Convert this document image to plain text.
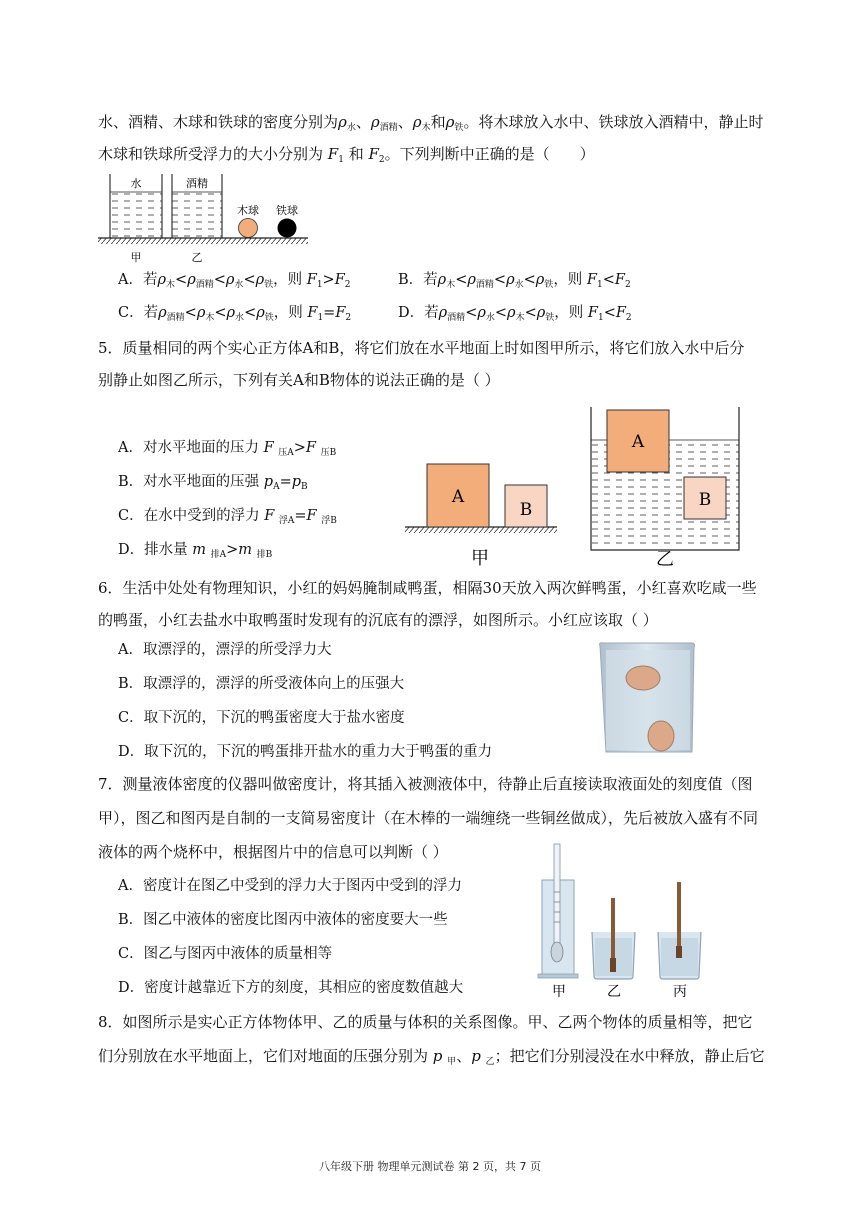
水、酒精、木球和铁球的密度分别为$\rho_水$、$\rho_{酒精}$、$\rho_木$和$\rho_铁$。将木球放入水中、铁球放入酒精中，静止时
木球和铁球所受浮力的大小分别为 $F_1$ 和 $F_2$。下列判断中正确的是（　　）
水	酒精
木球 铁球
甲	乙
A．若$\rho_木<\rho_{酒精}<\rho_水<\rho_铁$，则 $F_1>F_2$	B．若$\rho_木<\rho_{酒精}<\rho_水<\rho_铁$，则 $F_1<F_2$
C．若$\rho_{酒精}<\rho_木<\rho_水<\rho_铁$，则 $F_1=F_2$	D．若$\rho_{酒精}<\rho_水<\rho_木<\rho_铁$，则 $F_1<F_2$
5．质量相同的两个实心正方体A和B，将它们放在水平地面上时如图甲所示，将它们放入水中后分
别静止如图乙所示，下列有关A和B物体的说法正确的是（ ）
A．对水平地面的压力 F $_{压A}$>F $_{压B}$
B．对水平地面的压强 $p_A=p_B$
C．在水中受到的浮力 F $_{浮A}$=F $_{浮B}$
D．排水量 m $_{排A}$>m $_{排B}$
A
B
甲
A
B
乙
6．生活中处处有物理知识，小红的妈妈腌制咸鸭蛋，相隔30天放入两次鲜鸭蛋，小红喜欢吃咸一些
的鸭蛋，小红去盐水中取鸭蛋时发现有的沉底有的漂浮，如图所示。小红应该取（ ）
A．取漂浮的，漂浮的所受浮力大
B．取漂浮的，漂浮的所受液体向上的压强大
C．取下沉的，下沉的鸭蛋密度大于盐水密度
D．取下沉的，下沉的鸭蛋排开盐水的重力大于鸭蛋的重力
7．测量液体密度的仪器叫做密度计，将其插入被测液体中，待静止后直接读取液面处的刻度值（图
甲），图乙和图丙是自制的一支简易密度计（在木棒的一端缠绕一些铜丝做成），先后被放入盛有不同
液体的两个烧杯中，根据图片中的信息可以判断（ ）
A．密度计在图乙中受到的浮力大于图丙中受到的浮力
B．图乙中液体的密度比图丙中液体的密度要大一些
C．图乙与图丙中液体的质量相等
D．密度计越靠近下方的刻度，其相应的密度数值越大	甲	乙	丙
8．如图所示是实心正方体物体甲、乙的质量与体积的关系图像。甲、乙两个物体的质量相等，把它
们分别放在水平地面上，它们对地面的压强分别为 p $_甲$、p $_乙$；把它们分别浸没在水中释放，静止后它
八年级下册 物理单元测试卷 第 2 页，共 7 页
